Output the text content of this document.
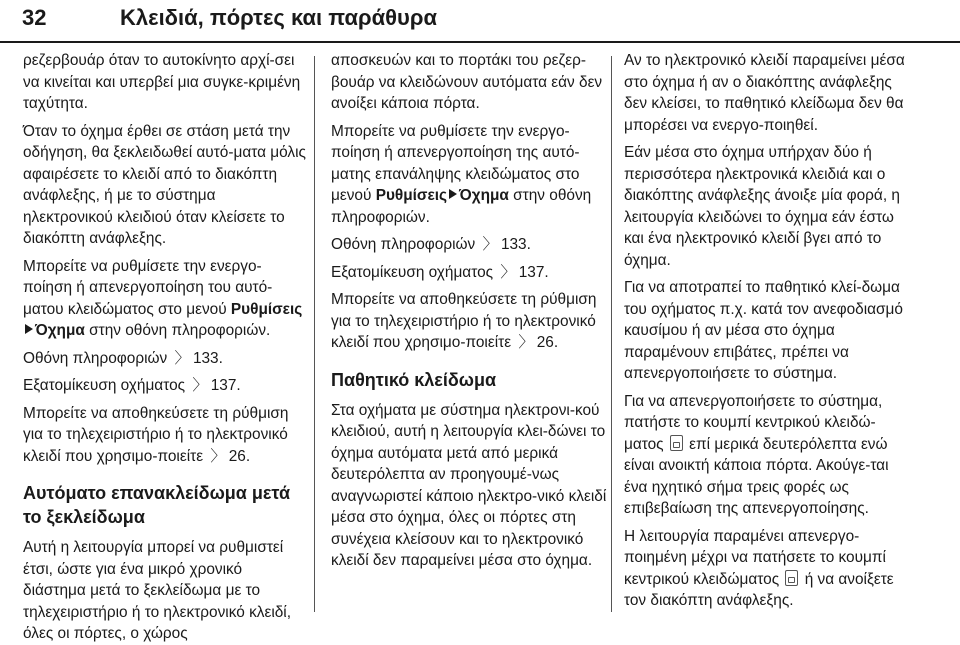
32	Κλειδιά, πόρτες και παράθυρα

ρεζερβουάρ όταν το αυτοκίνητο αρχί-σει να κινείται και υπερβεί μια συγκε-κριμένη ταχύτητα.

Όταν το όχημα έρθει σε στάση μετά την οδήγηση, θα ξεκλειδωθεί αυτό-ματα μόλις αφαιρέσετε το κλειδί από το διακόπτη ανάφλεξης, ή με το σύστημα ηλεκτρονικού κλειδιού όταν κλείσετε το διακόπτη ανάφλεξης.

Μπορείτε να ρυθμίσετε την ενεργο-ποίηση ή απενεργοποίηση του αυτό-ματου κλειδώματος στο μενού ΡυθμίσειςΌχημα στην οθόνη πληροφοριών.

Οθόνη πληροφοριών 〉 133.

Εξατομίκευση οχήματος 〉 137.

Μπορείτε να αποθηκεύσετε τη ρύθμιση για το τηλεχειριστήριο ή το ηλεκτρονικό κλειδί που χρησιμο-ποιείτε 〉 26.

Αυτόματο επανακλείδωμα μετά το ξεκλείδωμα

Αυτή η λειτουργία μπορεί να ρυθμιστεί έτσι, ώστε για ένα μικρό χρονικό διάστημα μετά το ξεκλείδωμα με το τηλεχειριστήριο ή το ηλεκτρονικό κλειδί, όλες οι πόρτες, ο χώρος

αποσκευών και το πορτάκι του ρεζερ-βουάρ να κλειδώνουν αυτόματα εάν δεν ανοίξει κάποια πόρτα.

Μπορείτε να ρυθμίσετε την ενεργο-ποίηση ή απενεργοποίηση της αυτό-ματης επανάληψης κλειδώματος στο μενού Ρυθμίσεις Όχημα στην οθόνη πληροφοριών.

Οθόνη πληροφοριών 〉 133.

Εξατομίκευση οχήματος 〉 137.

Μπορείτε να αποθηκεύσετε τη ρύθμιση για το τηλεχειριστήριο ή το ηλεκτρονικό κλειδί που χρησιμο-ποιείτε 〉 26.

Παθητικό κλείδωμα

Στα οχήματα με σύστημα ηλεκτρονι-κού κλειδιού, αυτή η λειτουργία κλει-δώνει το όχημα αυτόματα μετά από μερικά δευτερόλεπτα αν προηγουμέ-νως αναγνωριστεί κάποιο ηλεκτρο-νικό κλειδί μέσα στο όχημα, όλες οι πόρτες στη συνέχεια κλείσουν και το ηλεκτρονικό κλειδί δεν παραμείνει μέσα στο όχημα.

Αν το ηλεκτρονικό κλειδί παραμείνει μέσα στο όχημα ή αν ο διακόπτης ανάφλεξης δεν κλείσει, το παθητικό κλείδωμα δεν θα μπορέσει να ενεργο-ποιηθεί.

Εάν μέσα στο όχημα υπήρχαν δύο ή περισσότερα ηλεκτρονικά κλειδιά και ο διακόπτης ανάφλεξης άνοιξε μία φορά, η λειτουργία κλειδώνει το όχημα εάν έστω και ένα ηλεκτρονικό κλειδί βγει από το όχημα.

Για να αποτραπεί το παθητικό κλεί-δωμα του οχήματος π.χ. κατά τον ανεφοδιασμό καυσίμου ή αν μέσα στο όχημα παραμένουν επιβάτες, πρέπει να απενεργοποιήσετε το σύστημα.

Για να απενεργοποιήσετε το σύστημα, πατήστε το κουμπί κεντρικού κλειδώ-ματος επί μερικά δευτερόλεπτα ενώ είναι ανοικτή κάποια πόρτα. Ακούγε-ται ένα ηχητικό σήμα τρεις φορές ως επιβεβαίωση της απενεργοποίησης.

Η λειτουργία παραμένει απενεργο-ποιημένη μέχρι να πατήσετε το κουμπί κεντρικού κλειδώματος ή να ανοίξετε τον διακόπτη ανάφλεξης.
